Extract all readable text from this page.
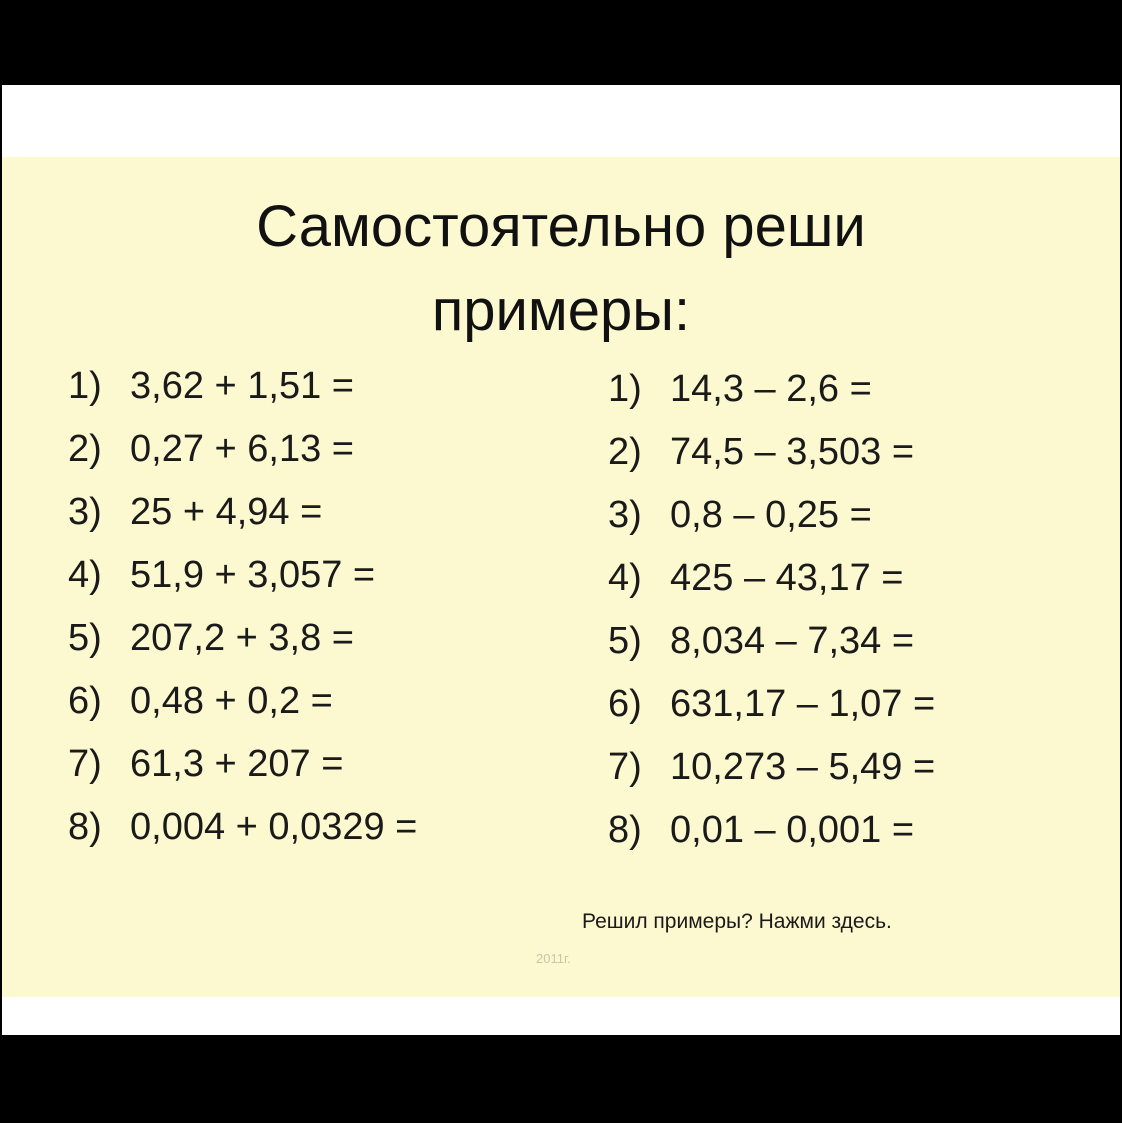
Самостоятельно реши
примеры:
1) 3,62 + 1,51 =
2) 0,27 + 6,13 =
3) 25 + 4,94 =
4) 51,9 + 3,057 =
5) 207,2 + 3,8 =
6) 0,48 + 0,2 =
7) 61,3 + 207 =
8) 0,004 + 0,0329 =
1) 14,3 – 2,6 =
2) 74,5 – 3,503 =
3) 0,8 – 0,25 =
4) 425 – 43,17 =
5) 8,034 – 7,34 =
6) 631,17 – 1,07 =
7) 10,273 – 5,49 =
8) 0,01 – 0,001 =
Решил примеры? Нажми здесь.
2011г.
